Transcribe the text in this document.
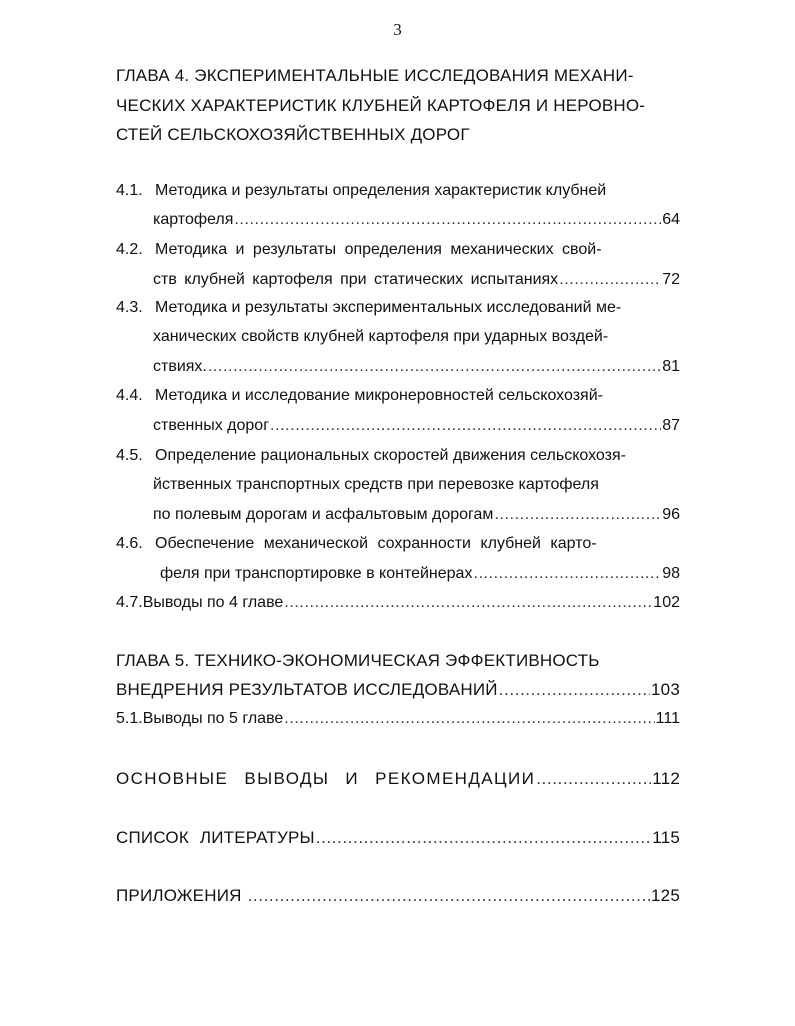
3
ГЛАВА 4. ЭКСПЕРИМЕНТАЛЬНЫЕ ИССЛЕДОВАНИЯ МЕХАНИ-
ЧЕСКИХ ХАРАКТЕРИСТИК КЛУБНЕЙ КАРТОФЕЛЯ И НЕРОВНО-
СТЕЙ СЕЛЬСКОХОЗЯЙСТВЕННЫХ ДОРОГ
4.1. Методика и результаты определения характеристик клубней
картофеля .....	64
4.2. Методика и результаты определения механических свой-
ств клубней картофеля при статических испытаниях .....	72
4.3. Методика и результаты экспериментальных исследований ме-
ханических свойств клубней картофеля при ударных воздей-
ствиях. .....	81
4.4. Методика и исследование микронеровностей сельскохозяй-
ственных дорог .....	87
4.5. Определение рациональных скоростей движения сельскохозя-
йственных транспортных средств при перевозке картофеля
по полевым дорогам и асфальтовым дорогам .....	96
4.6. Обеспечение механической сохранности клубней карто-
феля при транспортировке в контейнерах .....	98
4.7. Выводы по 4 главе .....	102
ГЛАВА 5. ТЕХНИКО-ЭКОНОМИЧЕСКАЯ ЭФФЕКТИВНОСТЬ
ВНЕДРЕНИЯ РЕЗУЛЬТАТОВ ИССЛЕДОВАНИЙ .....	103
5.1. Выводы по 5 главе .....	111
ОСНОВНЫЕ ВЫВОДЫ И РЕКОМЕНДАЦИИ .....	112
СПИСОК ЛИТЕРАТУРЫ .....	115
ПРИЛОЖЕНИЯ .....	125
